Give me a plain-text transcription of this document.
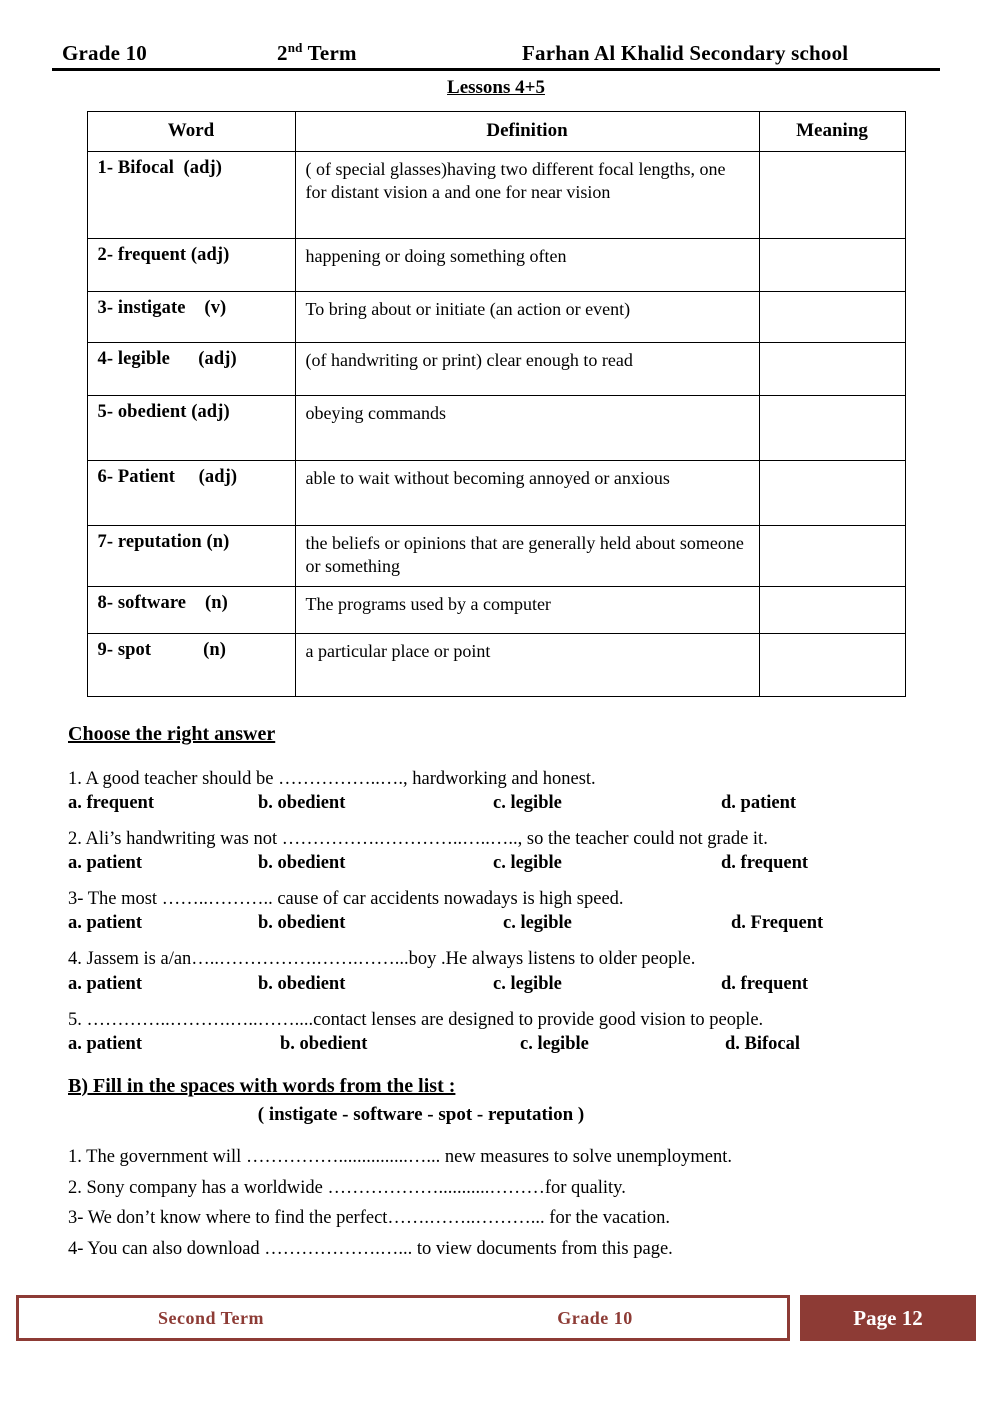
Grade 10	2nd Term	Farhan Al Khalid Secondary school
Lessons 4+5
Word	Definition	Meaning
1- Bifocal  (adj)	( of special glasses)having two different focal lengths, one for distant vision a and one for near vision	
2- frequent (adj)	happening or doing something often	
3- instigate    (v)	To bring about or initiate (an action or event)	
4- legible      (adj)	(of handwriting or print) clear enough to read	
5- obedient (adj)	obeying commands	
6- Patient     (adj)	able to wait without becoming annoyed or anxious	
7- reputation (n)	the beliefs or opinions that are generally held about someone or something	
8- software    (n)	The programs used by a computer	
9- spot           (n)	a particular place or point	
Choose the right answer
1. A good teacher should be ……………..…., hardworking and honest.
a. frequent	b. obedient	c. legible	d. patient
2. Ali’s handwriting was not …………….…………..…..….., so the teacher could not grade it.
a. patient	b. obedient	c. legible	d. frequent
3- The most ……..……….. cause of car accidents nowadays is high speed.
a. patient	b. obedient	c. legible	d. Frequent
4. Jassem is a/an…..…………….…….……...boy .He always listens to older people.
a. patient	b. obedient	c. legible	d. frequent
5. …………..……….…..……....contact lenses are designed to provide good vision to people.
a. patient	b. obedient	c. legible	d. Bifocal
B) Fill in the spaces with words from the list :
( instigate - software - spot - reputation )
1. The government will ……………...............…... new measures to solve unemployment.
2. Sony company has a worldwide ………………...........………for quality.
3- We don’t know where to find the perfect…….……..………... for the vacation.
4- You can also download ……………….…... to view documents from this page.
Second Term	Grade 10	Page 12
